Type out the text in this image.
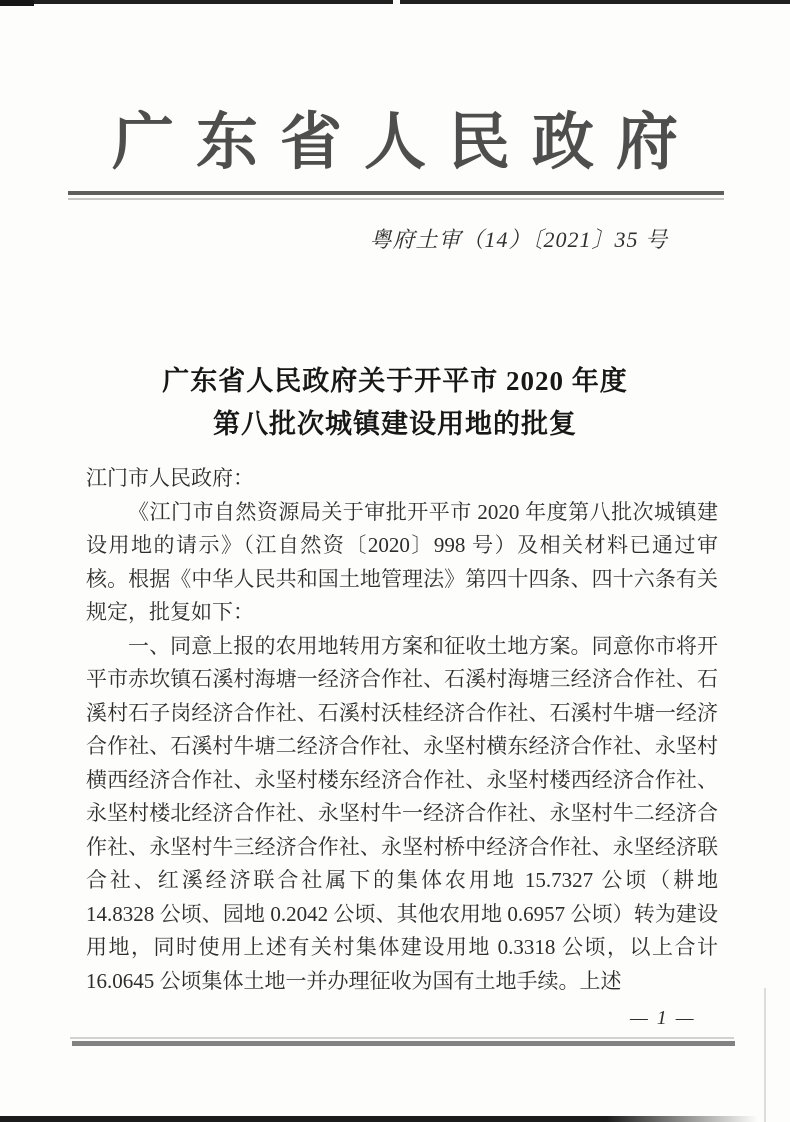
广东省人民政府
粤府土审（14）〔2021〕35 号
广东省人民政府关于开平市 2020 年度
第八批次城镇建设用地的批复

江门市人民政府：

《江门市自然资源局关于审批开平市 2020 年度第八批次城镇建设用地的请示》（江自然资〔2020〕998 号）及相关材料已通过审核。根据《中华人民共和国土地管理法》第四十四条、四十六条有关规定，批复如下：

一、同意上报的农用地转用方案和征收土地方案。同意你市将开平市赤坎镇石溪村海塘一经济合作社、石溪村海塘三经济合作社、石溪村石子岗经济合作社、石溪村沃桂经济合作社、石溪村牛塘一经济合作社、石溪村牛塘二经济合作社、永坚村横东经济合作社、永坚村横西经济合作社、永坚村楼东经济合作社、永坚村楼西经济合作社、永坚村楼北经济合作社、永坚村牛一经济合作社、永坚村牛二经济合作社、永坚村牛三经济合作社、永坚村桥中经济合作社、永坚经济联合社、红溪经济联合社属下的集体农用地 15.7327 公顷（耕地 14.8328 公顷、园地 0.2042 公顷、其他农用地 0.6957 公顷）转为建设用地，同时使用上述有关村集体建设用地 0.3318 公顷，以上合计 16.0645 公顷集体土地一并办理征收为国有土地手续。上述

— 1 —
